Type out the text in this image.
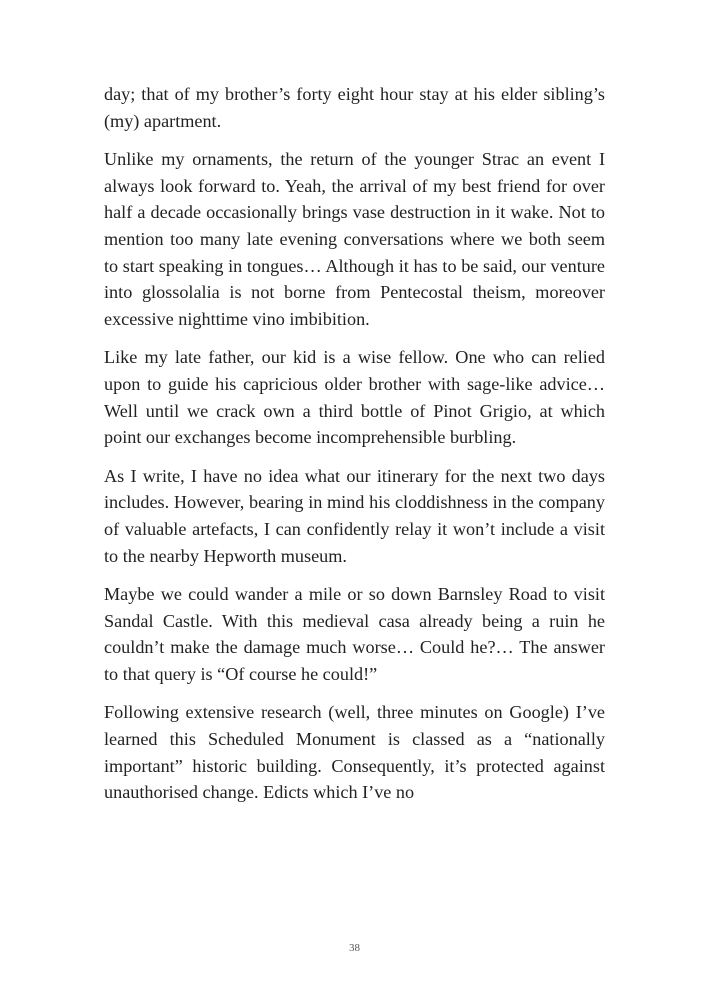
day; that of my brother’s forty eight hour stay at his elder sibling’s (my) apartment.

Unlike my ornaments, the return of the younger Strac an event I always look forward to. Yeah, the arrival of my best friend for over half a decade occasionally brings vase destruction in it wake. Not to mention too many late evening conversations where we both seem to start speaking in tongues… Although it has to be said, our venture into glossolalia is not borne from Pentecostal theism, moreover excessive nighttime vino imbibition.

Like my late father, our kid is a wise fellow. One who can relied upon to guide his capricious older brother with sage-like advice… Well until we crack own a third bottle of Pinot Grigio, at which point our exchanges become incomprehensible burbling.

As I write, I have no idea what our itinerary for the next two days includes. However, bearing in mind his cloddishness in the company of valuable artefacts, I can confidently relay it won’t include a visit to the nearby Hepworth museum.

Maybe we could wander a mile or so down Barnsley Road to visit Sandal Castle. With this medieval casa already being a ruin he couldn’t make the damage much worse… Could he?… The answer to that query is “Of course he could!”

Following extensive research (well, three minutes on Google) I’ve learned this Scheduled Monument is classed as a “nationally important” historic building. Consequently, it’s protected against unauthorised change. Edicts which I’ve no

38
